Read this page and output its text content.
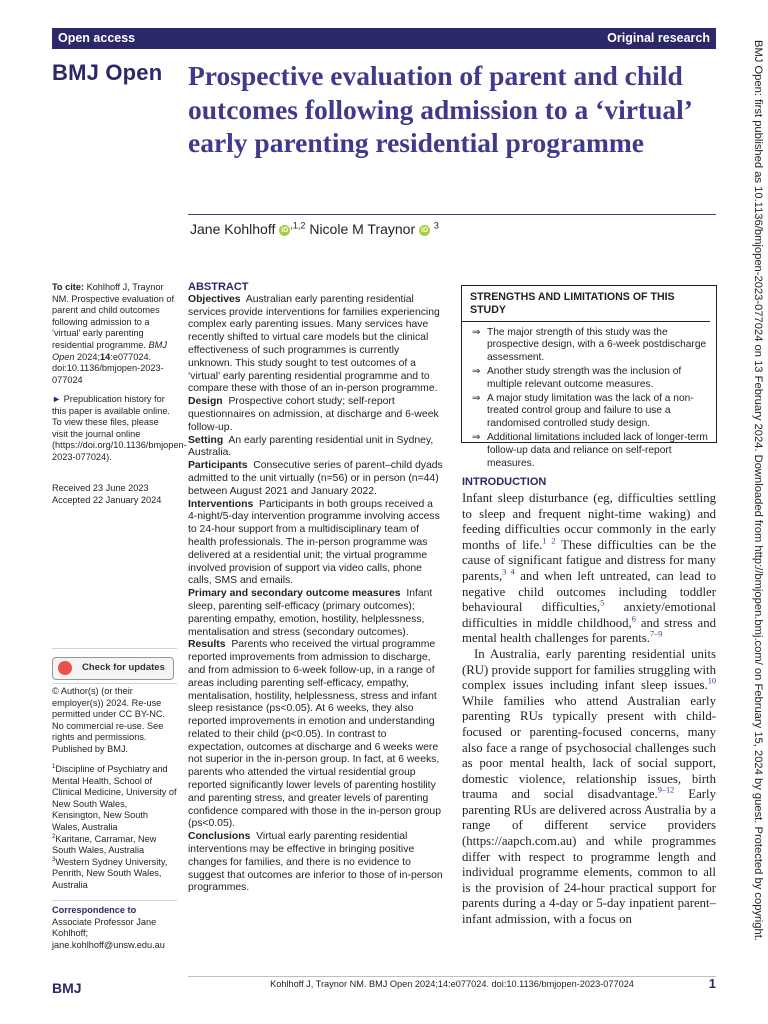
Open access	Original research
BMJ Open Prospective evaluation of parent and child outcomes following admission to a ‘virtual’ early parenting residential programme
Jane Kohlhoff iD $^{,1,2}$ Nicole M Traynor iD $^3$

To cite: Kohlhoff J, Traynor NM. Prospective evaluation of parent and child outcomes following admission to a ‘virtual’ early parenting residential programme. BMJ Open 2024;14:e077024. doi:10.1136/bmjopen-2023-077024

► Prepublication history for this paper is available online. To view these files, please visit the journal online (https://doi.org/10.1136/bmjopen-2023-077024).

Received 23 June 2023

Accepted 22 January 2024

Check for updates

© Author(s) (or their employer(s)) 2024. Re-use permitted under CC BY-NC. No commercial re-use. See rights and permissions. Published by BMJ.

$^1$Discipline of Psychiatry and Mental Health, School of Clinical Medicine, University of New South Wales, Kensington, New South Wales, Australia

$^2$Karitane, Carramar, New South Wales, Australia

$^3$Western Sydney University, Penrith, New South Wales, Australia

Correspondence to

Associate Professor Jane Kohlhoff;

jane.kohlhoff@unsw.edu.au

ABSTRACT

Objectives Australian early parenting residential services provide interventions for families experiencing complex early parenting issues. Many services have recently shifted to virtual care models but the clinical effectiveness of such programmes is currently unknown. This study sought to test outcomes of a ‘virtual’ early parenting residential programme and to compare these with those of an in-person programme.

Design Prospective cohort study; self-report questionnaires on admission, at discharge and 6-week follow-up.

Setting An early parenting residential unit in Sydney, Australia.

Participants Consecutive series of parent–child dyads admitted to the unit virtually (n=56) or in person (n=44) between August 2021 and January 2022.

Interventions Participants in both groups received a 4-night/5-day intervention programme involving access to 24-hour support from a multidisciplinary team of health professionals. The in-person programme was delivered at a residential unit; the virtual programme involved provision of support via video calls, phone calls, SMS and emails.

Primary and secondary outcome measures Infant sleep, parenting self-efficacy (primary outcomes); parenting empathy, emotion, hostility, helplessness, mentalisation and stress (secondary outcomes).

Results Parents who received the virtual programme reported improvements from admission to discharge, and from admission to 6-week follow-up, in a range of areas including parenting self-efficacy, empathy, mentalisation, hostility, helplessness, stress and infant sleep resistance (ps<0.05). At 6 weeks, they also reported improvements in emotion and understanding related to their child (p<0.05). In contrast to expectation, outcomes at discharge and 6 weeks were not superior in the in-person group. In fact, at 6 weeks, parents who attended the virtual residential group reported significantly lower levels of parenting hostility and parenting stress, and greater levels of parenting confidence compared with those in the in-person group (ps<0.05).

Conclusions Virtual early parenting residential interventions may be effective in bringing positive changes for families, and there is no evidence to suggest that outcomes are inferior to those of in-person programmes.

STRENGTHS AND LIMITATIONS OF THIS STUDY
⇒ The major strength of this study was the prospective design, with a 6-week postdischarge assessment.
⇒ Another study strength was the inclusion of multiple relevant outcome measures.
⇒ A major study limitation was the lack of a non-treated control group and failure to use a randomised controlled study design.
⇒ Additional limitations included lack of longer-term follow-up data and reliance on self-report measures.
INTRODUCTION

Infant sleep disturbance (eg, difficulties settling to sleep and frequent night-time waking) and feeding difficulties occur commonly in the early months of life.$^{1 2}$ These difficulties can be the cause of significant fatigue and distress for many parents,$^{3 4}$ and when left untreated, can lead to negative child outcomes including toddler behavioural difficulties,$^5$ anxiety/emotional difficulties in middle childhood,$^6$ and stress and mental health challenges for parents.$^{7-9}$

In Australia, early parenting residential units (RU) provide support for families struggling with complex issues including infant sleep issues.$^{10}$ While families who attend Australian early parenting RUs typically present with child-focused or parenting-focused concerns, many also face a range of psychosocial challenges such as poor mental health, lack of social support, domestic violence, relationship issues, birth trauma and social disadvantage.$^{9-12}$ Early parenting RUs are delivered across Australia by a range of different service providers (https://aapch.com.au) and while programmes differ with respect to programme length and individual programme elements, common to all is the provision of 24-hour practical support for parents during a 4-day or 5-day inpatient parent–infant admission, with a focus on

BMJ	Kohlhoff J, Traynor NM. BMJ Open 2024;14:e077024. doi:10.1136/bmjopen-2023-077024	1
BMJ Open: first published as 10.1136/bmjopen-2023-077024 on 13 February 2024. Downloaded from http://bmjopen.bmj.com/ on February 15, 2024 by guest. Protected by copyright.
